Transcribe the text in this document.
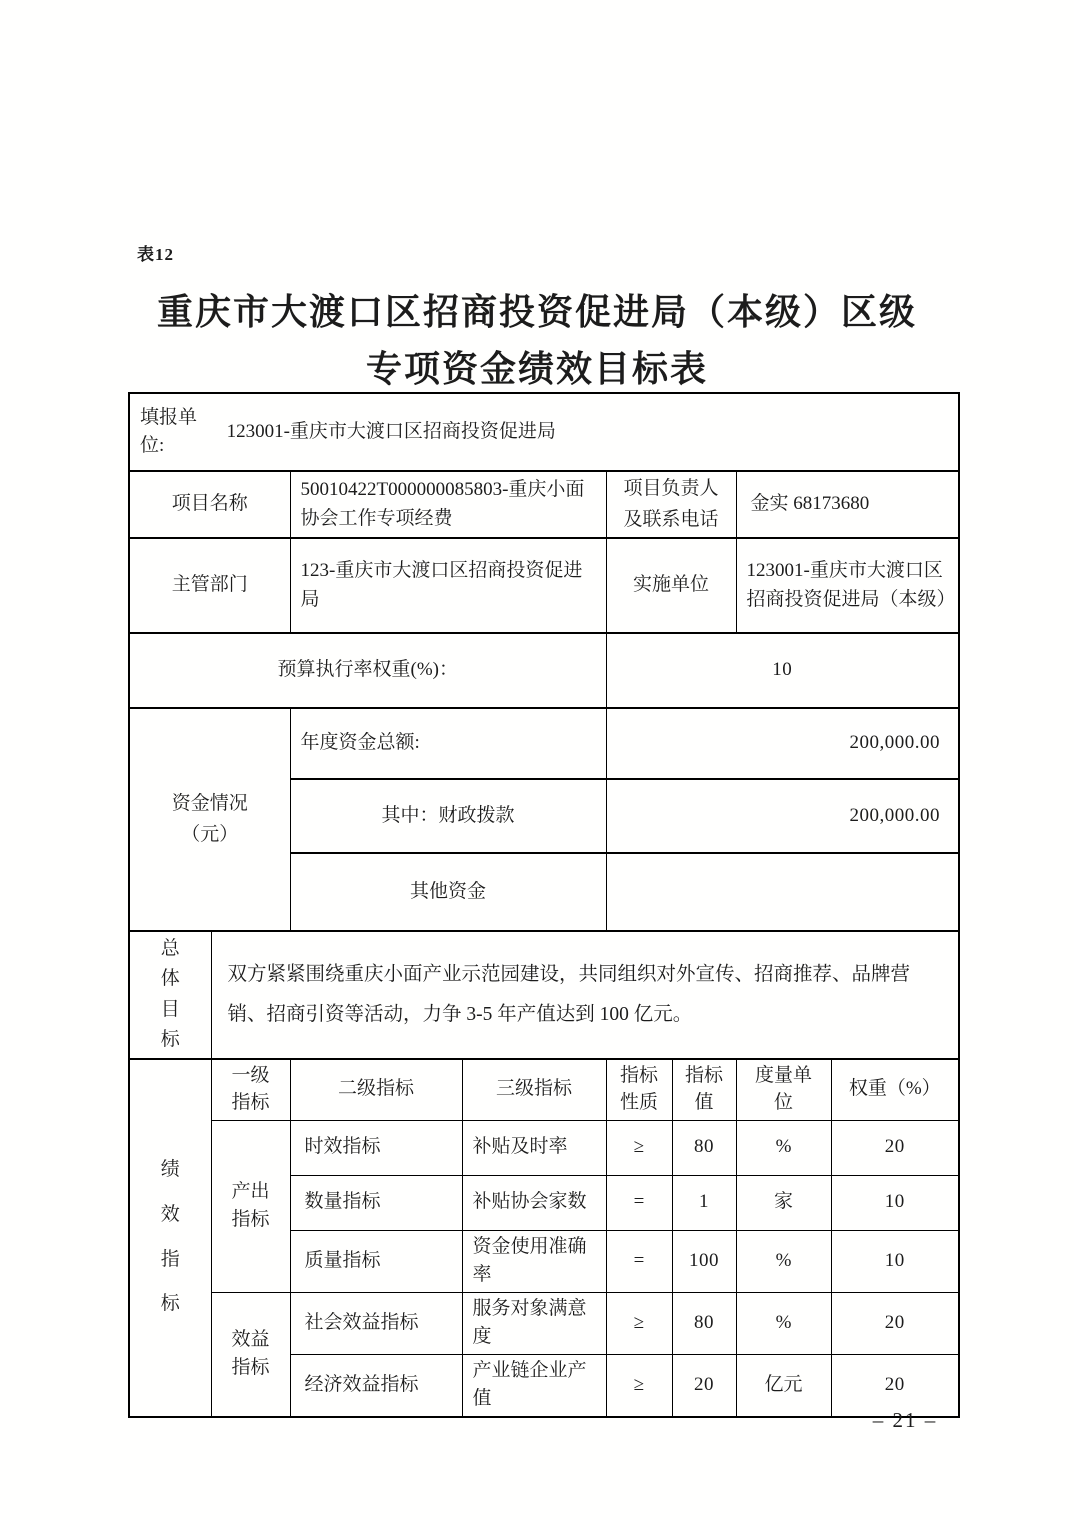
表12
重庆市大渡口区招商投资促进局（本级）区级
专项资金绩效目标表
填报单位:
123001-重庆市大渡口区招商投资促进局							

项目名称		50010422T000000085803-重庆小面协会工作专项经费		项目负责人及联系电话		金实 68173680	
主管部门		123-重庆市大渡口区招商投资促进局		实施单位		123001-重庆市大渡口区招商投资促进局（本级）	
预算执行率权重(%)：				10			
资金情况（元）		年度资金总额:		200,000.00			
		其中：财政拨款		200,000.00			
		其他资金					
总体目标	双方紧紧围绕重庆小面产业示范园建设，共同组织对外宣传、招商推荐、品牌营销、招商引资等活动，力争 3-5 年产值达到 100 亿元。						
绩效指标	一级指标	二级指标	三级指标	指标性质	指标值	度量单位	权重（%）
	产出指标	时效指标	补贴及时率	≥	80	%	20
		数量指标	补贴协会家数	=	1	家	10
		质量指标	资金使用准确率	=	100	%	10
	效益指标	社会效益指标	服务对象满意度	≥	80	%	20
		经济效益指标	产业链企业产值	≥	20	亿元	20
– 21 –
